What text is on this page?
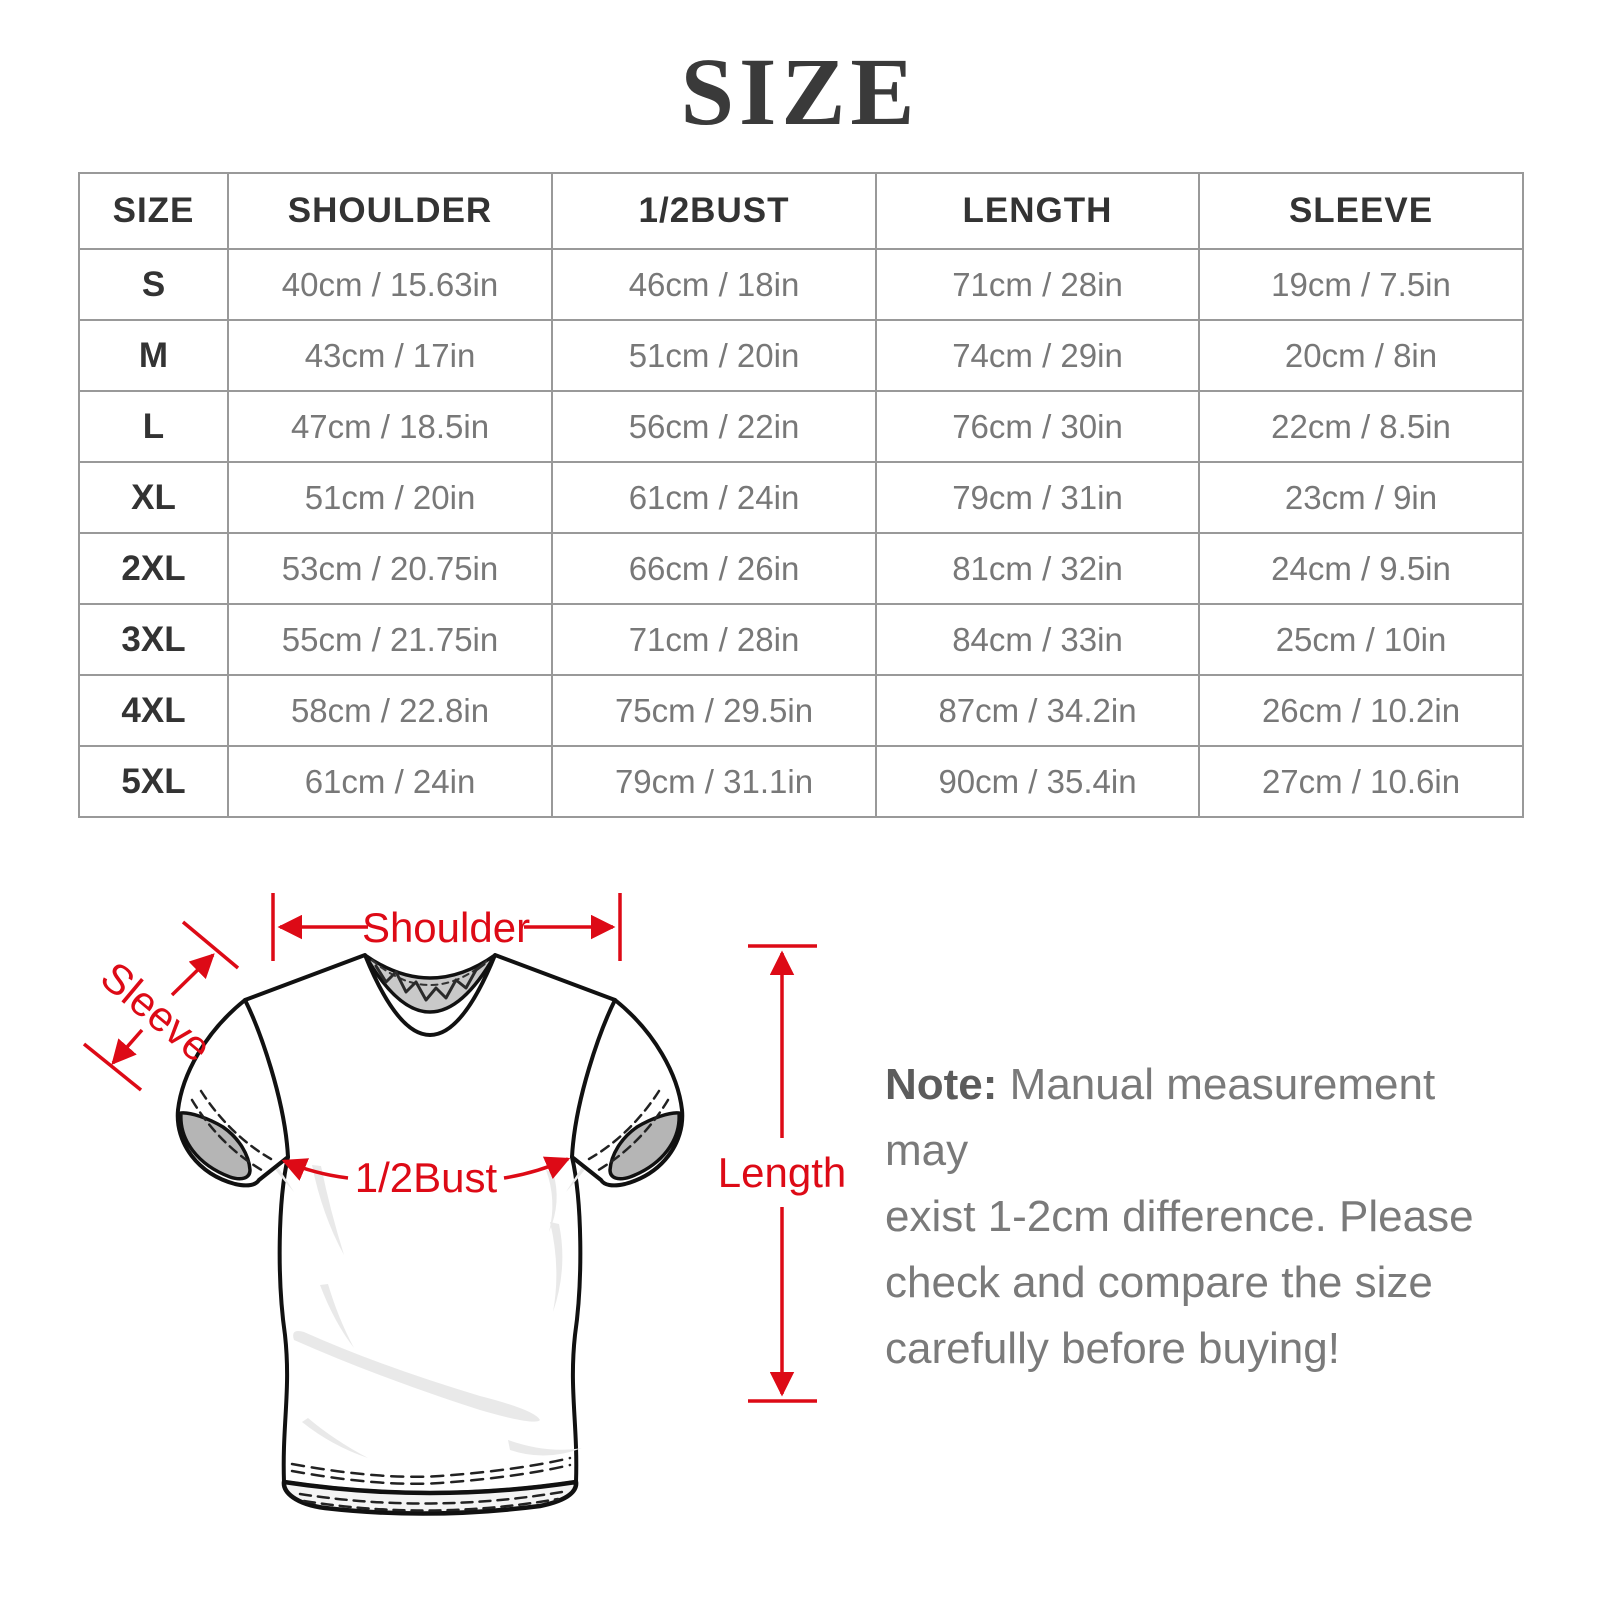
SIZE
SIZE	SHOULDER	1/2BUST	LENGTH	SLEEVE
S	40cm / 15.63in	46cm / 18in	71cm / 28in	19cm / 7.5in
M	43cm / 17in	51cm / 20in	74cm / 29in	20cm / 8in
L	47cm / 18.5in	56cm / 22in	76cm / 30in	22cm / 8.5in
XL	51cm / 20in	61cm / 24in	79cm / 31in	23cm / 9in
2XL	53cm / 20.75in	66cm / 26in	81cm / 32in	24cm / 9.5in
3XL	55cm / 21.75in	71cm / 28in	84cm / 33in	25cm / 10in
4XL	58cm / 22.8in	75cm / 29.5in	87cm / 34.2in	26cm / 10.2in
5XL	61cm / 24in	79cm / 31.1in	90cm / 35.4in	27cm / 10.6in
Shoulder
Sleeve
1/2Bust	Length
Note: Manual measurement may
exist 1-2cm difference. Please
check and compare the size
carefully before buying!
